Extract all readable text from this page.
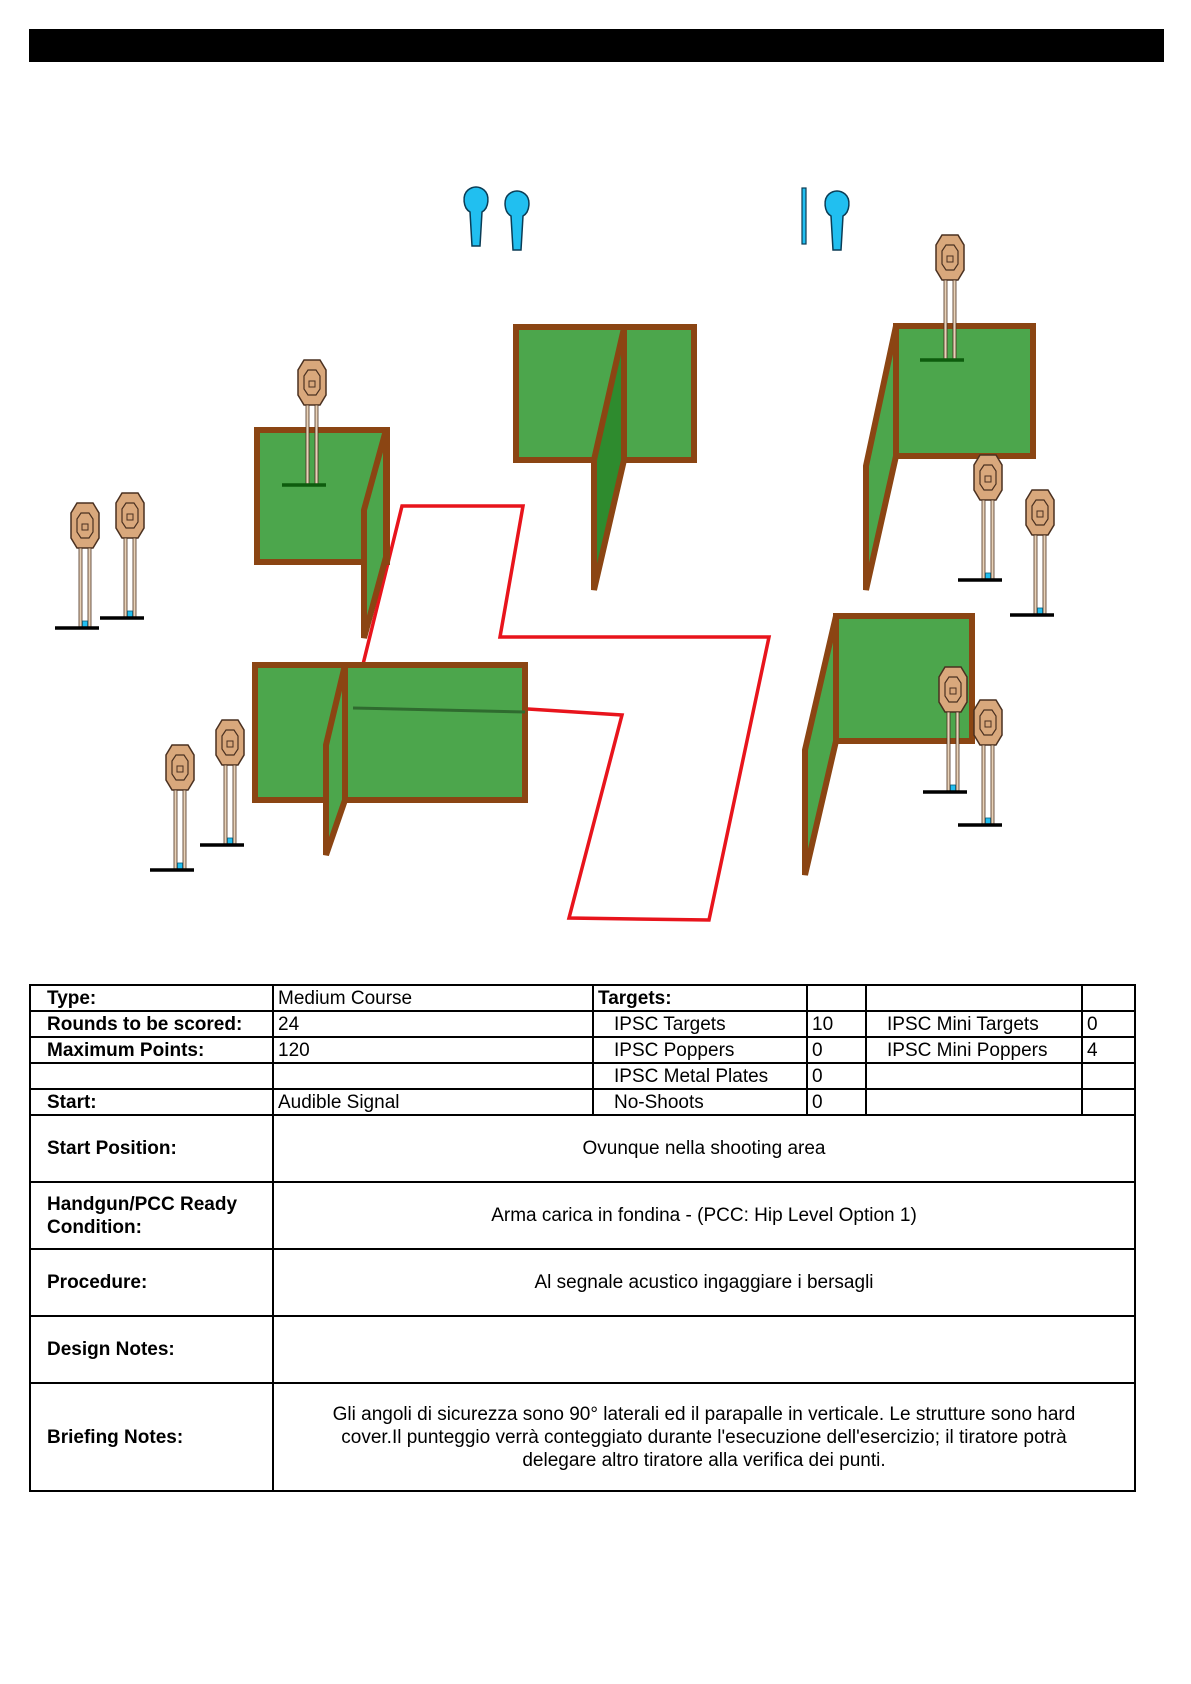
Type:	Medium Course	Targets:			
Rounds to be scored:	24	IPSC Targets	10	IPSC Mini Targets	0
Maximum Points:	120	IPSC Poppers	0	IPSC Mini Poppers	4
		IPSC Metal Plates	0		
Start:	Audible Signal	No-Shoots	0		
Start Position:	Ovunque nella shooting area				
Handgun/PCC Ready Condition:	Arma carica in fondina - (PCC: Hip Level Option 1)				
Procedure:	Al segnale acustico ingaggiare i bersagli				
Design Notes:					
Briefing Notes:	Gli angoli di sicurezza sono 90° laterali ed il parapalle in verticale. Le strutture sono hard cover.Il punteggio verrà conteggiato durante l'esecuzione dell'esercizio; il tiratore potrà delegare altro tiratore alla verifica dei punti.				
